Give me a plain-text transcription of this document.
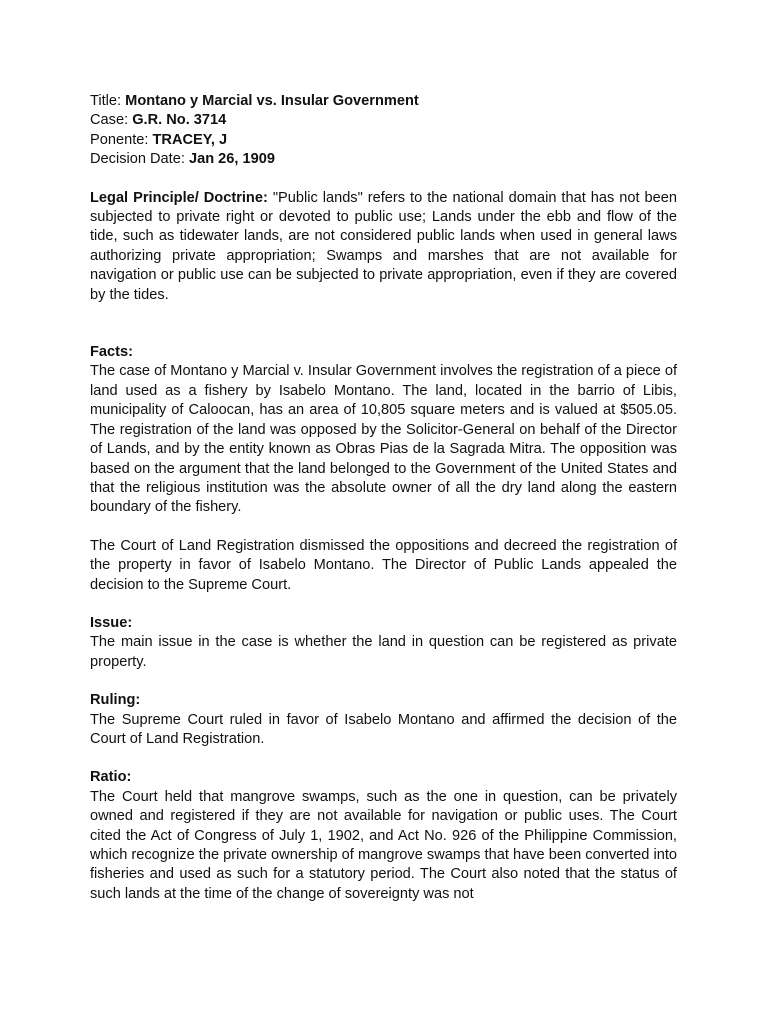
Title: Montano y Marcial vs. Insular Government

Case: G.R. No. 3714

Ponente: TRACEY, J

Decision Date: Jan 26, 1909

Legal Principle/ Doctrine: "Public lands" refers to the national domain that has not been subjected to private right or devoted to public use; Lands under the ebb and flow of the tide, such as tidewater lands, are not considered public lands when used in general laws authorizing private appropriation; Swamps and marshes that are not available for navigation or public use can be subjected to private appropriation, even if they are covered by the tides.

Facts:

The case of Montano y Marcial v. Insular Government involves the registration of a piece of land used as a fishery by Isabelo Montano. The land, located in the barrio of Libis, municipality of Caloocan, has an area of 10,805 square meters and is valued at $505.05. The registration of the land was opposed by the Solicitor-General on behalf of the Director of Lands, and by the entity known as Obras Pias de la Sagrada Mitra. The opposition was based on the argument that the land belonged to the Government of the United States and that the religious institution was the absolute owner of all the dry land along the eastern boundary of the fishery.

The Court of Land Registration dismissed the oppositions and decreed the registration of the property in favor of Isabelo Montano. The Director of Public Lands appealed the decision to the Supreme Court.

Issue:

The main issue in the case is whether the land in question can be registered as private property.

Ruling:

The Supreme Court ruled in favor of Isabelo Montano and affirmed the decision of the Court of Land Registration.

Ratio:

The Court held that mangrove swamps, such as the one in question, can be privately owned and registered if they are not available for navigation or public uses. The Court cited the Act of Congress of July 1, 1902, and Act No. 926 of the Philippine Commission, which recognize the private ownership of mangrove swamps that have been converted into fisheries and used as such for a statutory period. The Court also noted that the status of such lands at the time of the change of sovereignty was not
